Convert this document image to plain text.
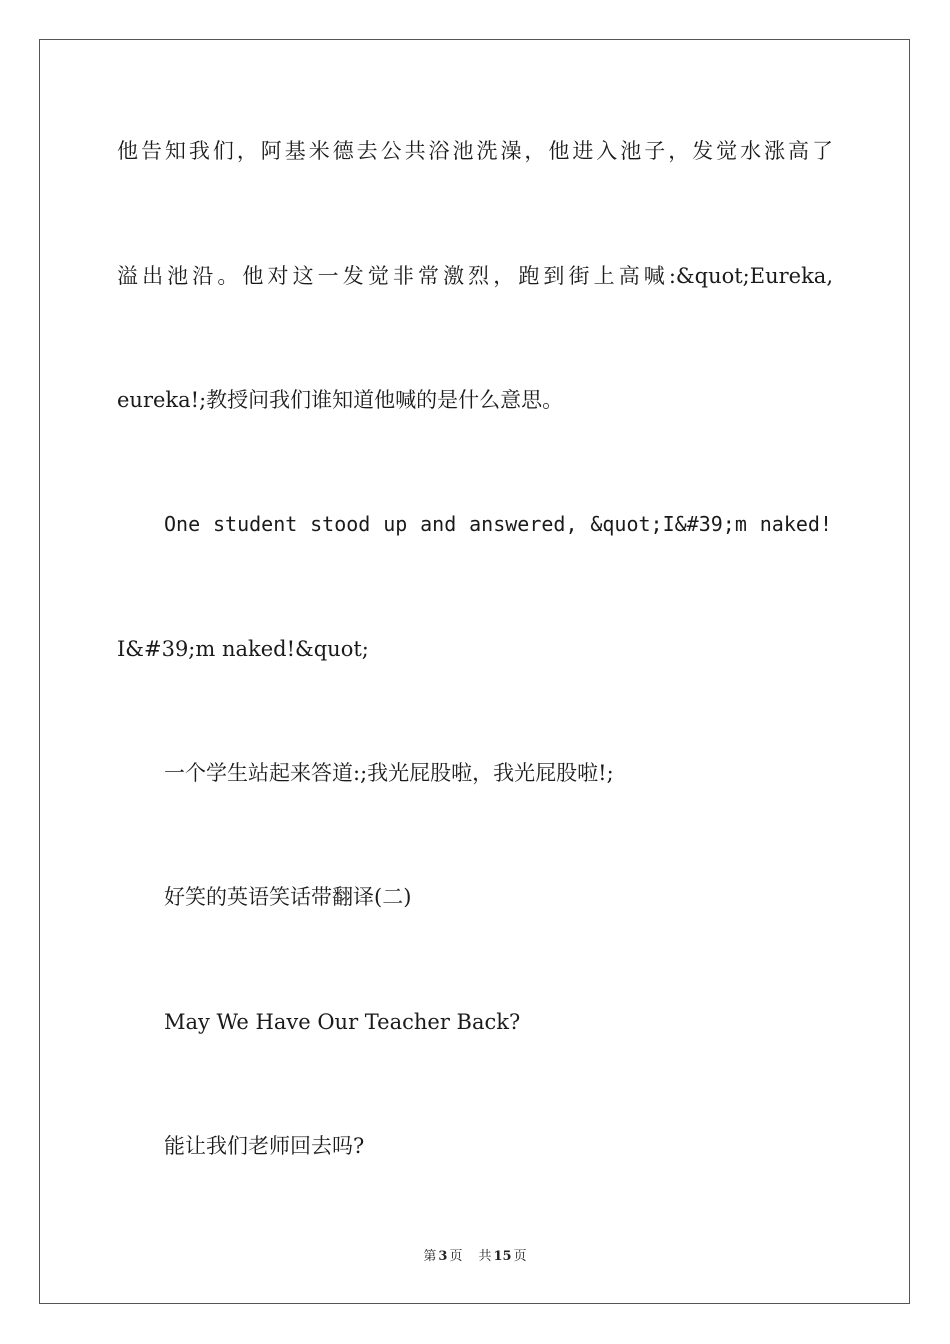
他告知我们，阿基米德去公共浴池洗澡，他进入池子，发觉水涨高了
溢出池沿。他对这一发觉非常激烈，跑到街上高喊:&quot;Eureka,
eureka!;教授问我们谁知道他喊的是什么意思。
One student stood up and answered, &quot;I&#39;m naked!
I&#39;m naked!&quot;
一个学生站起来答道:;我光屁股啦，我光屁股啦!;
好笑的英语笑话带翻译(二)
May We Have Our Teacher Back?
能让我们老师回去吗?
第 3 页 共 15 页
